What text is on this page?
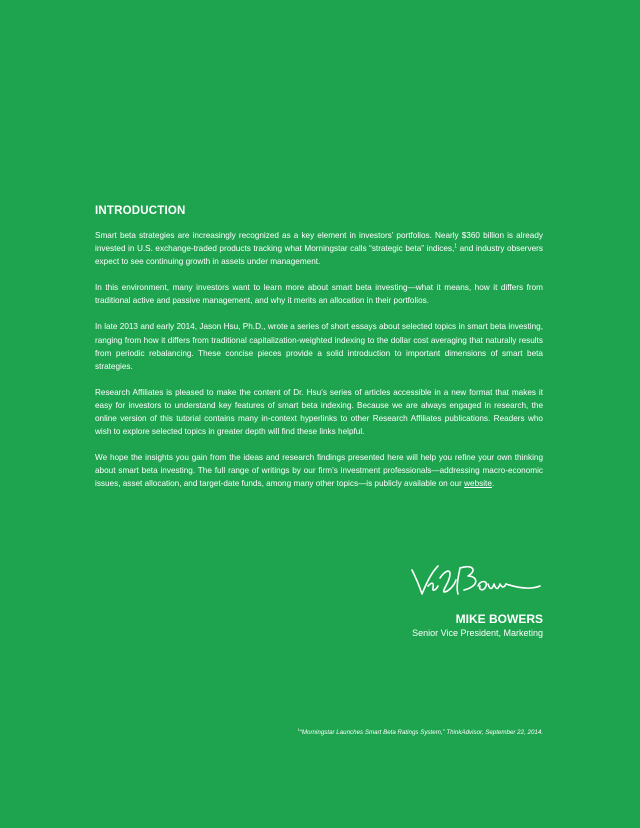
INTRODUCTION

Smart beta strategies are increasingly recognized as a key element in investors’ portfolios. Nearly $360 billion is already invested in U.S. exchange-traded products tracking what Morningstar calls “strategic beta” indices,$^1$ and industry observers expect to see continuing growth in assets under management.

In this environment, many investors want to learn more about smart beta investing—what it means, how it differs from traditional active and passive management, and why it merits an allocation in their portfolios.

In late 2013 and early 2014, Jason Hsu, Ph.D., wrote a series of short essays about selected topics in smart beta investing, ranging from how it differs from traditional capitalization-weighted indexing to the dollar cost averaging that naturally results from periodic rebalancing. These concise pieces provide a solid introduction to important dimensions of smart beta strategies.

Research Affiliates is pleased to make the content of Dr. Hsu’s series of articles accessible in a new format that makes it easy for investors to understand key features of smart beta indexing. Because we are always engaged in research, the online version of this tutorial contains many in-context hyperlinks to other Research Affiliates publications. Readers who wish to explore selected topics in greater depth will find these links helpful.

We hope the insights you gain from the ideas and research findings presented here will help you refine your own thinking about smart beta investing. The full range of writings by our firm’s investment professionals—addressing macro-economic issues, asset allocation, and target-date funds, among many other topics—is publicly available on our website.

MIKE BOWERS
Senior Vice President, Marketing
$^1$“Morningstar Launches Smart Beta Ratings System,” ThinkAdvisor, September 22, 2014.
